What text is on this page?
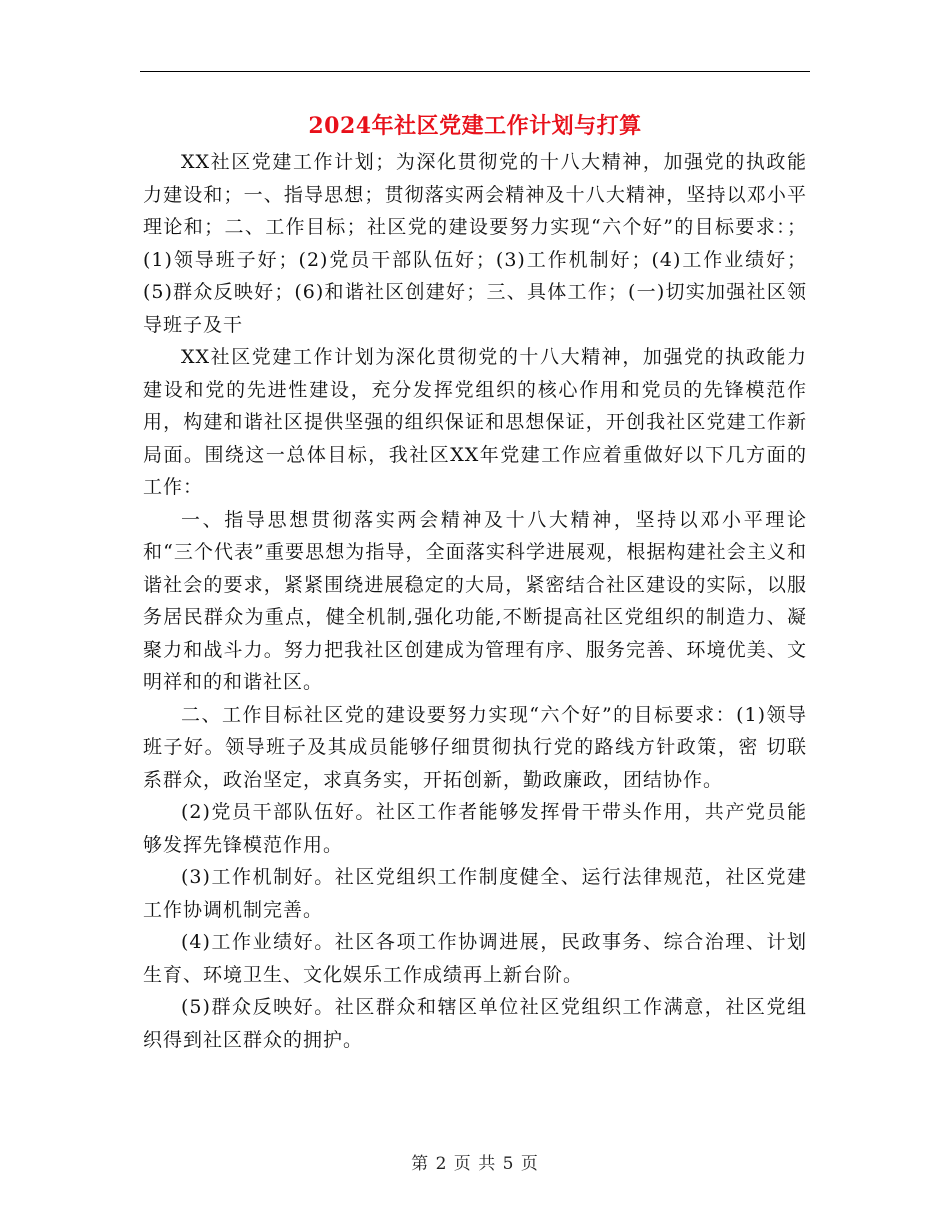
2024年社区党建工作计划与打算

XX社区党建工作计划；为深化贯彻党的十八大精神，加强党的执政能力建设和；一、指导思想；贯彻落实两会精神及十八大精神，坚持以邓小平理论和；二、工作目标；社区党的建设要努力实现“六个好”的目标要求：；(1)领导班子好；(2)党员干部队伍好；(3)工作机制好；(4)工作业绩好；(5)群众反映好；(6)和谐社区创建好；三、具体工作；(一)切实加强社区领导班子及干

XX社区党建工作计划为深化贯彻党的十八大精神，加强党的执政能力建设和党的先进性建设，充分发挥党组织的核心作用和党员的先锋模范作用，构建和谐社区提供坚强的组织保证和思想保证，开创我社区党建工作新局面。围绕这一总体目标，我社区XX年党建工作应着重做好以下几方面的工作：

一、指导思想贯彻落实两会精神及十八大精神，坚持以邓小平理论和“三个代表”重要思想为指导，全面落实科学进展观，根据构建社会主义和谐社会的要求，紧紧围绕进展稳定的大局，紧密结合社区建设的实际，以服务居民群众为重点，健全机制,强化功能,不断提高社区党组织的制造力、凝聚力和战斗力。努力把我社区创建成为管理有序、服务完善、环境优美、文明祥和的和谐社区。

二、工作目标社区党的建设要努力实现“六个好”的目标要求：(1)领导班子好。领导班子及其成员能够仔细贯彻执行党的路线方针政策，密 切联系群众，政治坚定，求真务实，开拓创新，勤政廉政，团结协作。

(2)党员干部队伍好。社区工作者能够发挥骨干带头作用，共产党员能够发挥先锋模范作用。

(3)工作机制好。社区党组织工作制度健全、运行法律规范，社区党建工作协调机制完善。

(4)工作业绩好。社区各项工作协调进展，民政事务、综合治理、计划生育、环境卫生、文化娱乐工作成绩再上新台阶。

(5)群众反映好。社区群众和辖区单位社区党组织工作满意，社区党组织得到社区群众的拥护。

第 2 页 共 5 页
